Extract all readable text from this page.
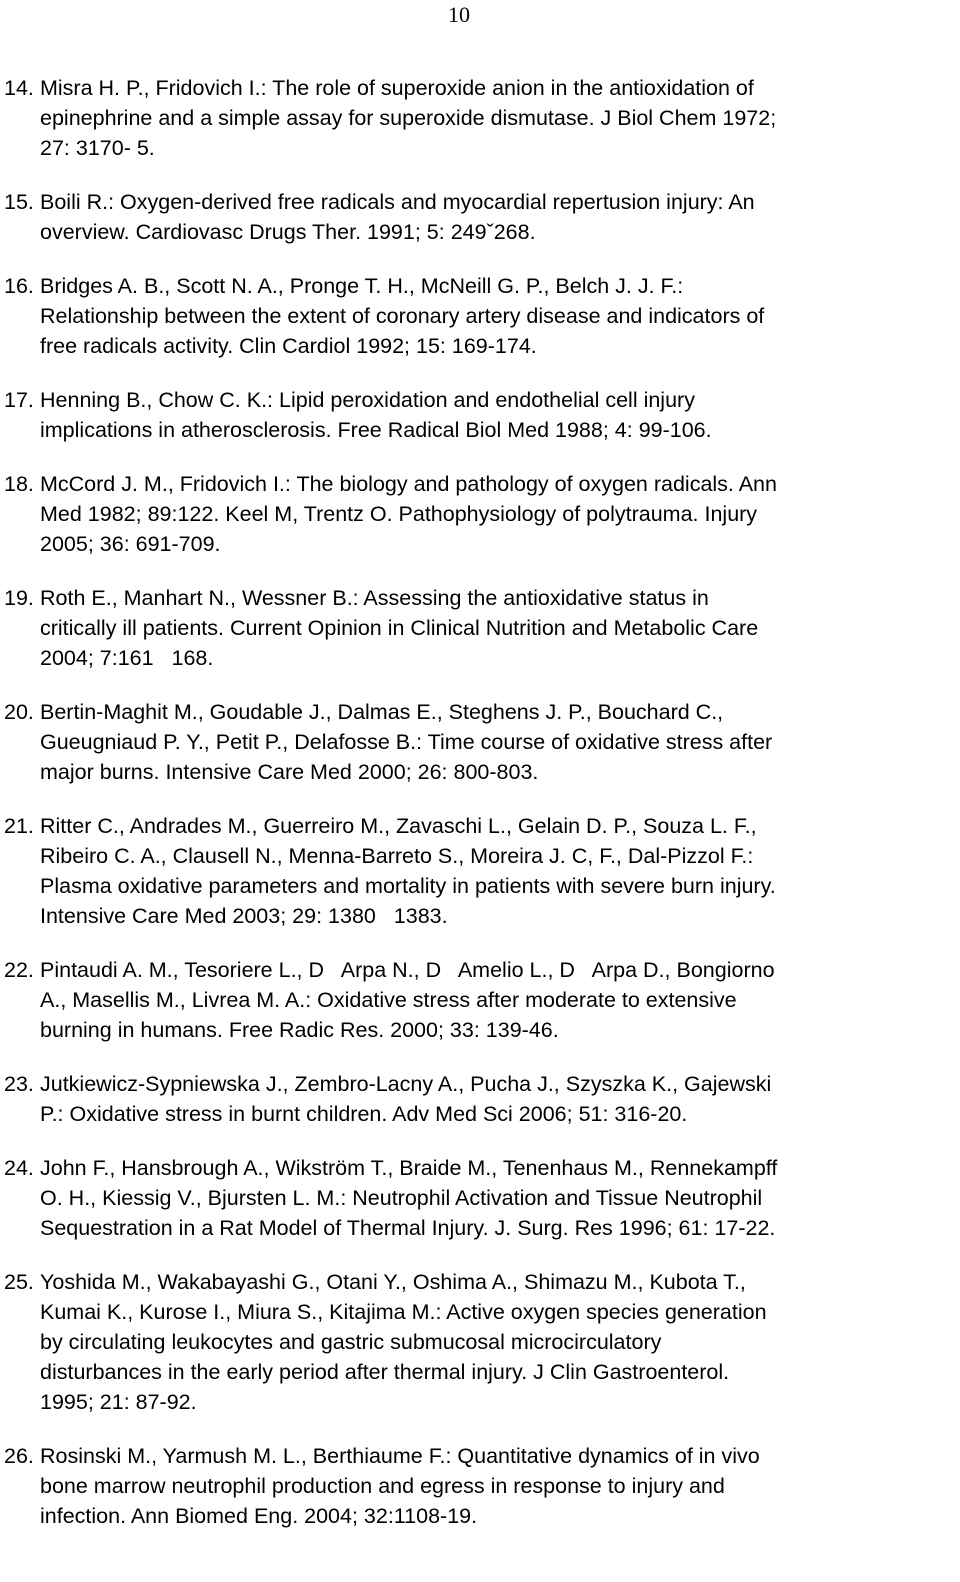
10
14. Misra H. P., Fridovich I.: The role of superoxide anion in the antioxidation of
epinephrine and a simple assay for superoxide dismutase. J Biol Chem 1972;
27: 3170- 5.
15. Boili R.: Oxygen-derived free radicals and myocardial repertusion injury: An
overview. Cardiovasc Drugs Ther. 1991; 5: 249ˇ268.
16. Bridges A. B., Scott N. A., Pronge T. H., McNeill G. P., Belch J. J. F.:
Relationship between the extent of coronary artery disease and indicators of
free radicals activity. Clin Cardiol 1992; 15: 169-174.
17. Henning B., Chow C. K.: Lipid peroxidation and endothelial cell injury
implications in atherosclerosis. Free Radical Biol Med 1988; 4: 99-106.
18. McCord J. M., Fridovich I.: The biology and pathology of oxygen radicals. Ann
Med 1982; 89:122. Keel M, Trentz O. Pathophysiology of polytrauma. Injury
2005; 36: 691-709.
19. Roth E., Manhart N., Wessner B.: Assessing the antioxidative status in
critically ill patients. Current Opinion in Clinical Nutrition and Metabolic Care
2004; 7:161   168.
20. Bertin-Maghit M., Goudable J., Dalmas E., Steghens J. P., Bouchard C.,
Gueugniaud P. Y., Petit P., Delafosse B.: Time course of oxidative stress after
major burns. Intensive Care Med 2000; 26: 800-803.
21. Ritter C., Andrades M., Guerreiro M., Zavaschi L., Gelain D. P., Souza L. F.,
Ribeiro C. A., Clausell N., Menna-Barreto S., Moreira J. C, F., Dal-Pizzol F.:
Plasma oxidative parameters and mortality in patients with severe burn injury.
Intensive Care Med 2003; 29: 1380   1383.
22. Pintaudi A. M., Tesoriere L., D   Arpa N., D   Amelio L., D   Arpa D., Bongiorno
A., Masellis M., Livrea M. A.: Oxidative stress after moderate to extensive
burning in humans. Free Radic Res. 2000; 33: 139-46.
23. Jutkiewicz-Sypniewska J., Zembro-Lacny A., Pucha J., Szyszka K., Gajewski
P.: Oxidative stress in burnt children. Adv Med Sci 2006; 51: 316-20.
24. John F., Hansbrough A., Wikström T., Braide M., Tenenhaus M., Rennekampff
O. H., Kiessig V., Bjursten L. M.: Neutrophil Activation and Tissue Neutrophil
Sequestration in a Rat Model of Thermal Injury. J. Surg. Res 1996; 61: 17-22.
25. Yoshida M., Wakabayashi G., Otani Y., Oshima A., Shimazu M., Kubota T.,
Kumai K., Kurose I., Miura S., Kitajima M.: Active oxygen species generation
by circulating leukocytes and gastric submucosal microcirculatory
disturbances in the early period after thermal injury. J Clin Gastroenterol.
1995; 21: 87-92.
26. Rosinski M., Yarmush M. L., Berthiaume F.: Quantitative dynamics of in vivo
bone marrow neutrophil production and egress in response to injury and
infection. Ann Biomed Eng. 2004; 32:1108-19.
